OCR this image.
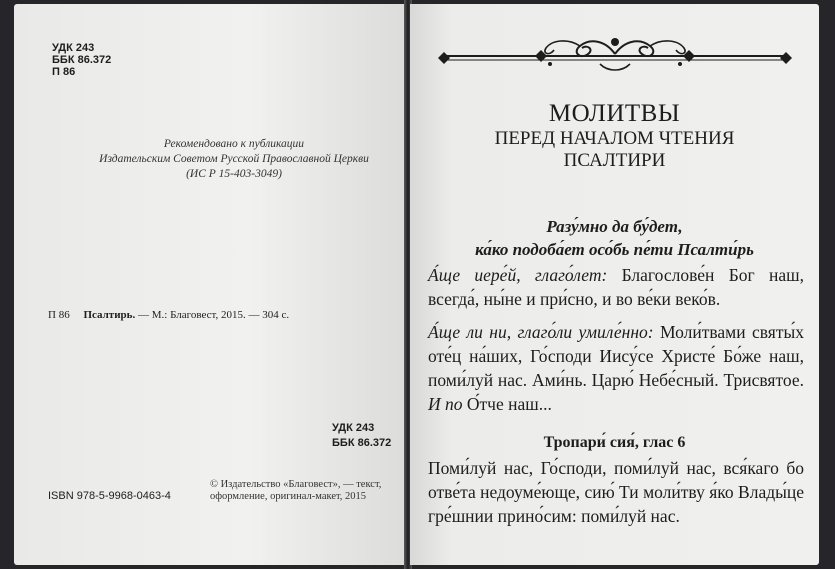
УДК 243
ББК 86.372
П 86
Рекомендовано к публикации
Издательским Советом Русской Православной Церкви
(ИС Р 15-403-3049)
П 86 Псалтирь. — М.: Благовест, 2015. — 304 с.
УДК 243
ББК 86.372
ISBN 978-5-9968-0463-4
© Издательство «Благовест», — текст, оформление, оригинал-макет, 2015
МОЛИТВЫ
ПЕРЕД НАЧАЛОМ ЧТЕНИЯ
ПСАЛТИРИ
Разу́мно да бу́дет,
ка́ко подоба́ет осо́бь пе́ти Псалти́рь
А́ще иере́й, глаго́лет: Благослове́н Бог наш, всегда́, ны́не и при́сно, и во ве́ки веко́в.
А́ще ли ни, глаго́ли умиле́нно: Моли́твами святы́х оте́ц на́ших, Го́споди Иису́се Христе́ Бо́же наш, поми́луй нас. Ами́нь. Царю́ Небе́сный. Трисвятое. И по О́тче наш...
Тропари́ сия́, глас 6
Поми́луй нас, Го́споди, поми́луй нас, вся́каго бо отве́та недоуме́юще, сию́ Ти моли́тву я́ко Влады́це гре́шнии прино́сим: поми́луй нас.
